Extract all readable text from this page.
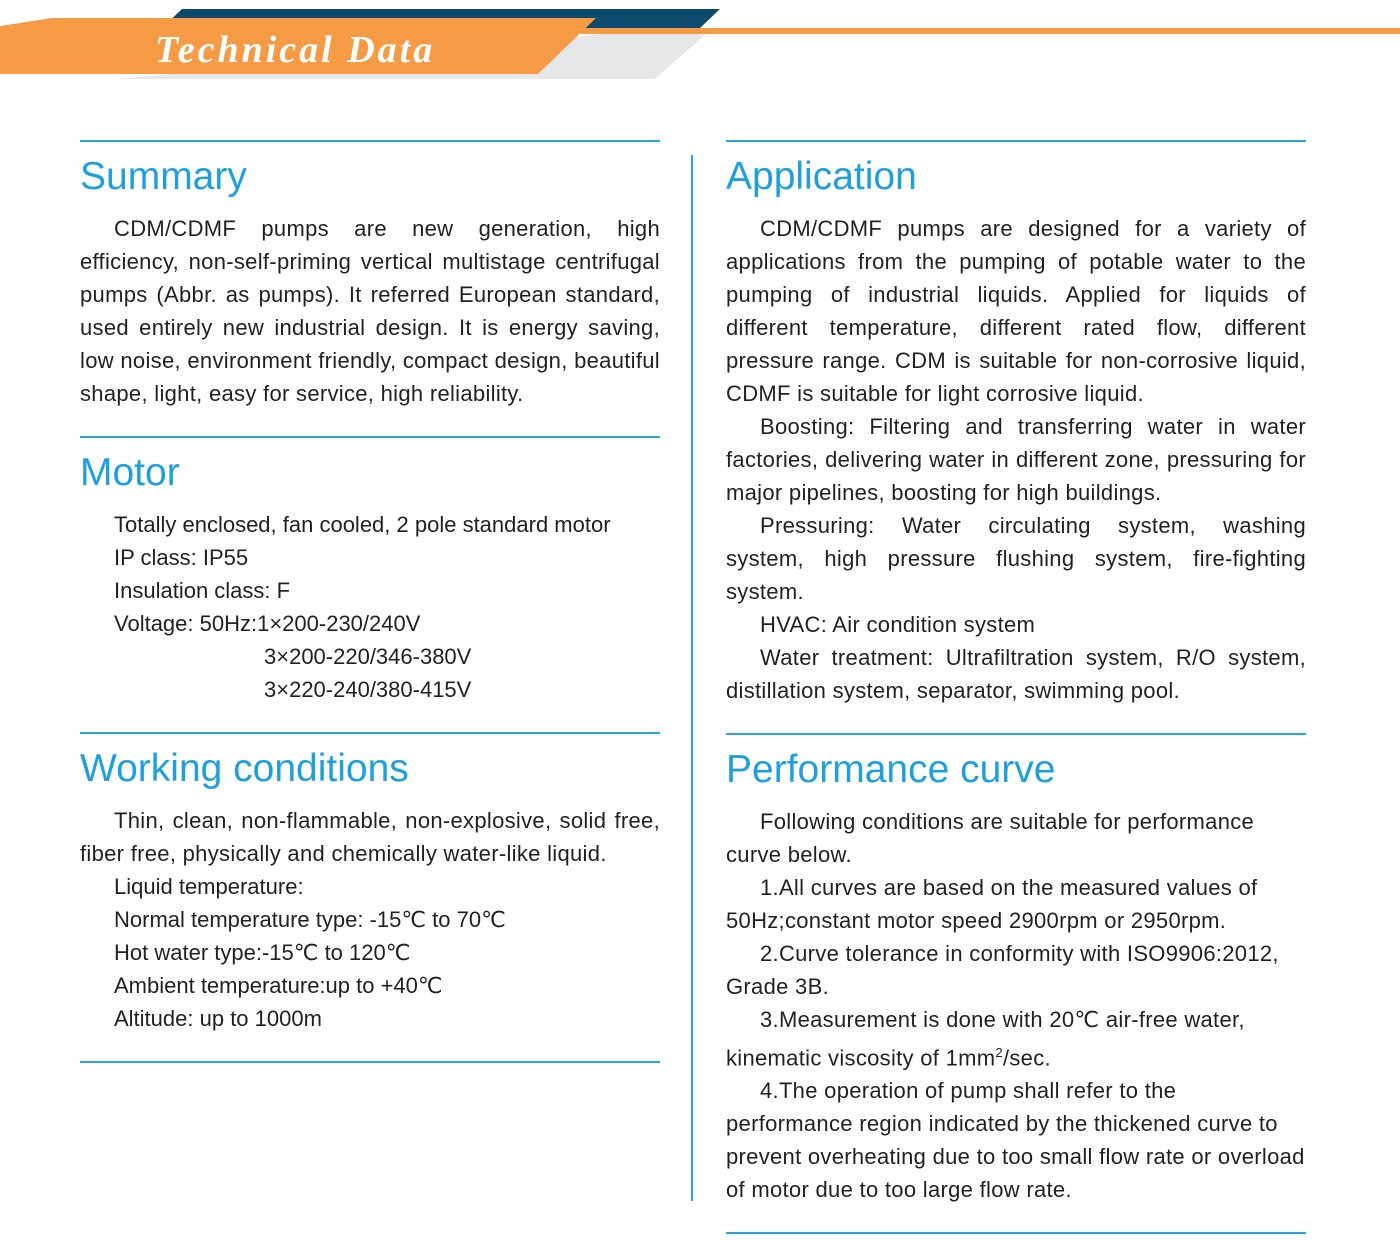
Technical Data
Summary

CDM/CDMF pumps are new generation, high efficiency, non-self-priming vertical multistage centrifugal pumps (Abbr. as pumps). It referred European standard, used entirely new industrial design. It is energy saving, low noise, environment friendly, compact design, beautiful shape, light, easy for service, high reliability.

Motor

Totally enclosed, fan cooled, 2 pole standard motor

IP class: IP55

Insulation class: F

Voltage: 50Hz:1×200-230/240V

3×200-220/346-380V

3×220-240/380-415V

Working conditions

Thin, clean, non-flammable, non-explosive, solid free, fiber free, physically and chemically water-like liquid.

Liquid temperature:

Normal temperature type: -15℃ to 70℃

Hot water type:-15℃ to 120℃

Ambient temperature:up to +40℃

Altitude: up to 1000m

Application

CDM/CDMF pumps are designed for a variety of applications from the pumping of potable water to the pumping of industrial liquids. Applied for liquids of different temperature, different rated flow, different pressure range. CDM is suitable for non-corrosive liquid, CDMF is suitable for light corrosive liquid.

Boosting: Filtering and transferring water in water factories, delivering water in different zone, pressuring for major pipelines, boosting for high buildings.

Pressuring: Water circulating system, washing system, high pressure flushing system, fire-fighting system.

HVAC: Air condition system

Water treatment: Ultrafiltration system, R/O system, distillation system, separator, swimming pool.

Performance curve

Following conditions are suitable for performance curve below.

1.All curves are based on the measured values of 50Hz;constant motor speed 2900rpm or 2950rpm.

2.Curve tolerance in conformity with ISO9906:2012, Grade 3B.

3.Measurement is done with 20℃ air-free water, kinematic viscosity of $1mm^2/\sec$.

4.The operation of pump shall refer to the performance region indicated by the thickened curve to prevent overheating due to too small flow rate or overload of motor due to too large flow rate.
